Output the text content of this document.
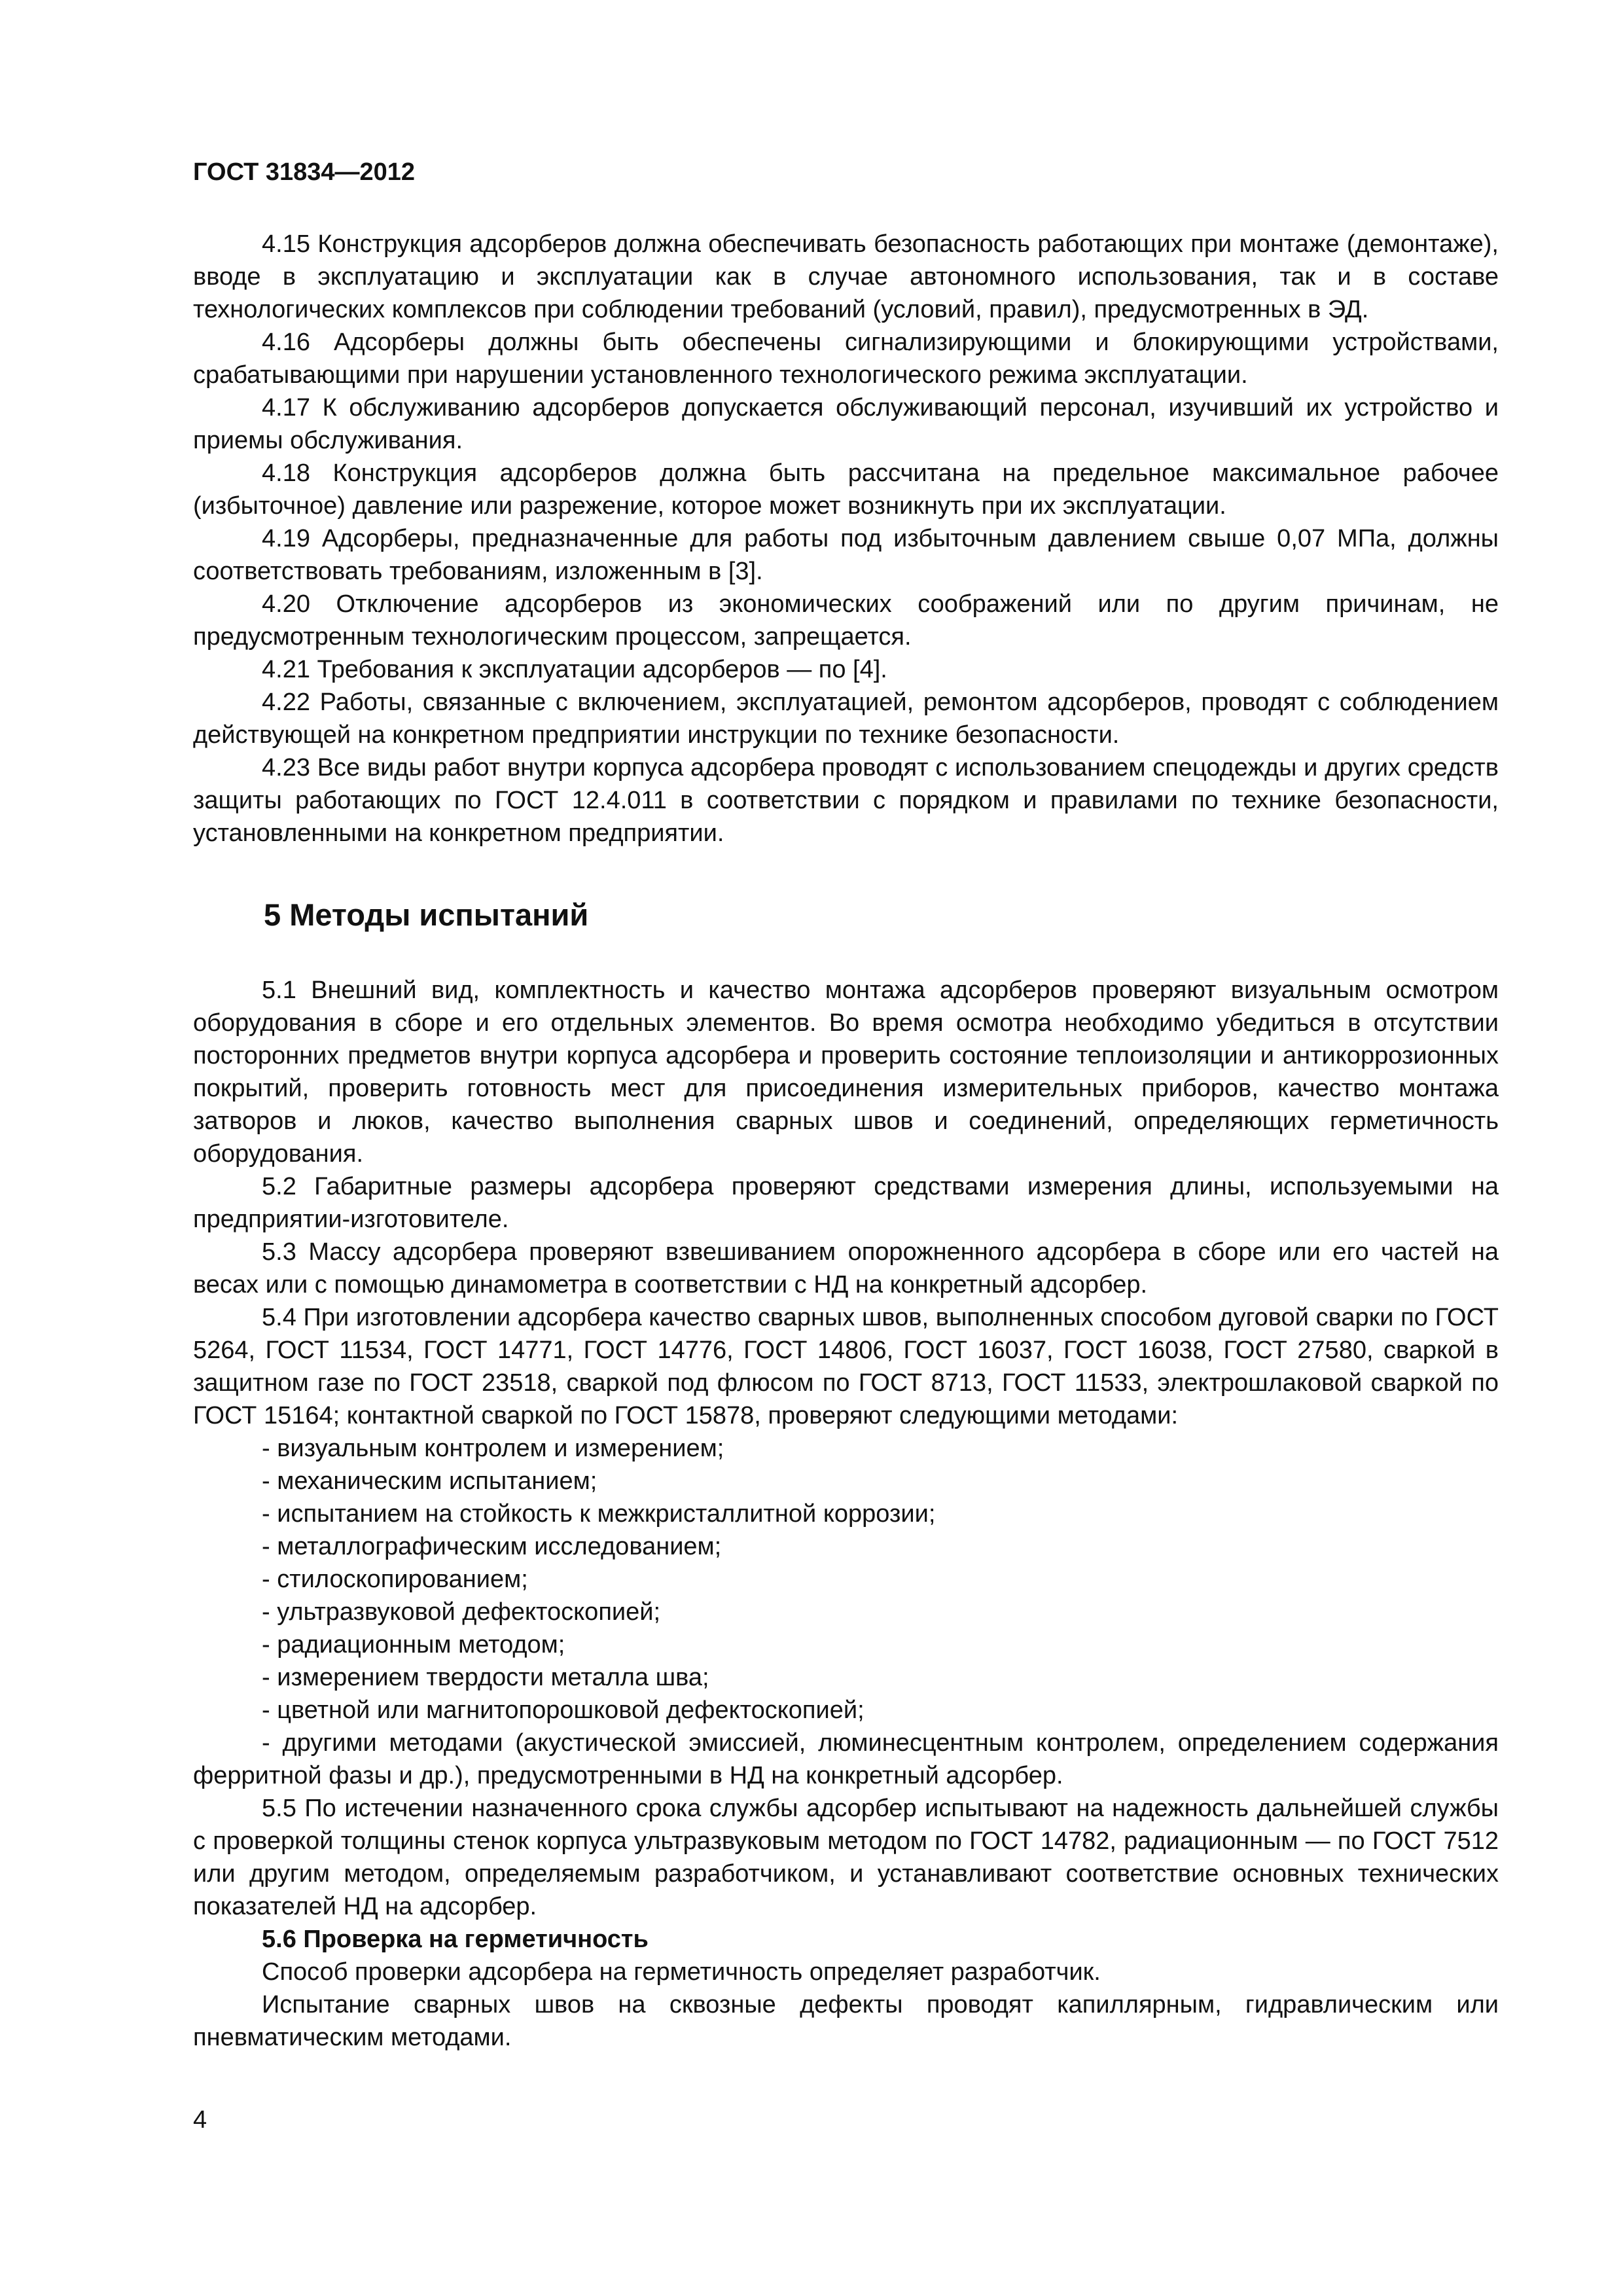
ГОСТ 31834—2012

4.15 Конструкция адсорберов должна обеспечивать безопасность работающих при монтаже (демонтаже), вводе в эксплуатацию и эксплуатации как в случае автономного использования, так и в составе технологических комплексов при соблюдении требований (условий, правил), предусмотренных в ЭД.

4.16 Адсорберы должны быть обеспечены сигнализирующими и блокирующими устройствами, срабатывающими при нарушении установленного технологического режима эксплуатации.

4.17 К обслуживанию адсорберов допускается обслуживающий персонал, изучивший их устройство и приемы обслуживания.

4.18 Конструкция адсорберов должна быть рассчитана на предельное максимальное рабочее (избыточное) давление или разрежение, которое может возникнуть при их эксплуатации.

4.19 Адсорберы, предназначенные для работы под избыточным давлением свыше 0,07 МПа, должны соответствовать требованиям, изложенным в [3].

4.20 Отключение адсорберов из экономических соображений или по другим причинам, не предусмотренным технологическим процессом, запрещается.

4.21 Требования к эксплуатации адсорберов — по [4].

4.22 Работы, связанные с включением, эксплуатацией, ремонтом адсорберов, проводят с соблюдением действующей на конкретном предприятии инструкции по технике безопасности.

4.23 Все виды работ внутри корпуса адсорбера проводят с использованием спецодежды и других средств защиты работающих по ГОСТ 12.4.011 в соответствии с порядком и правилами по технике безопасности, установленными на конкретном предприятии.

5 Методы испытаний

5.1 Внешний вид, комплектность и качество монтажа адсорберов проверяют визуальным осмотром оборудования в сборе и его отдельных элементов. Во время осмотра необходимо убедиться в отсутствии посторонних предметов внутри корпуса адсорбера и проверить состояние теплоизоляции и антикоррозионных покрытий, проверить готовность мест для присоединения измерительных приборов, качество монтажа затворов и люков, качество выполнения сварных швов и соединений, определяющих герметичность оборудования.

5.2 Габаритные размеры адсорбера проверяют средствами измерения длины, используемыми на предприятии-изготовителе.

5.3 Массу адсорбера проверяют взвешиванием опорожненного адсорбера в сборе или его частей на весах или с помощью динамометра в соответствии с НД на конкретный адсорбер.

5.4 При изготовлении адсорбера качество сварных швов, выполненных способом дуговой сварки по ГОСТ 5264, ГОСТ 11534, ГОСТ 14771, ГОСТ 14776, ГОСТ 14806, ГОСТ 16037, ГОСТ 16038, ГОСТ 27580, сваркой в защитном газе по ГОСТ 23518, сваркой под флюсом по ГОСТ 8713, ГОСТ 11533, электрошлаковой сваркой по ГОСТ 15164; контактной сваркой по ГОСТ 15878, проверяют следующими методами:

- визуальным контролем и измерением;
- механическим испытанием;
- испытанием на стойкость к межкристаллитной коррозии;
- металлографическим исследованием;
- стилоскопированием;
- ультразвуковой дефектоскопией;
- радиационным методом;
- измерением твердости металла шва;
- цветной или магнитопорошковой дефектоскопией;
- другими методами (акустической эмиссией, люминесцентным контролем, определением содержания ферритной фазы и др.), предусмотренными в НД на конкретный адсорбер.

5.5 По истечении назначенного срока службы адсорбер испытывают на надежность дальнейшей службы с проверкой толщины стенок корпуса ультразвуковым методом по ГОСТ 14782, радиационным — по ГОСТ 7512 или другим методом, определяемым разработчиком, и устанавливают соответствие основных технических показателей НД на адсорбер.

5.6 Проверка на герметичность

Способ проверки адсорбера на герметичность определяет разработчик.

Испытание сварных швов на сквозные дефекты проводят капиллярным, гидравлическим или пневматическим методами.

4
